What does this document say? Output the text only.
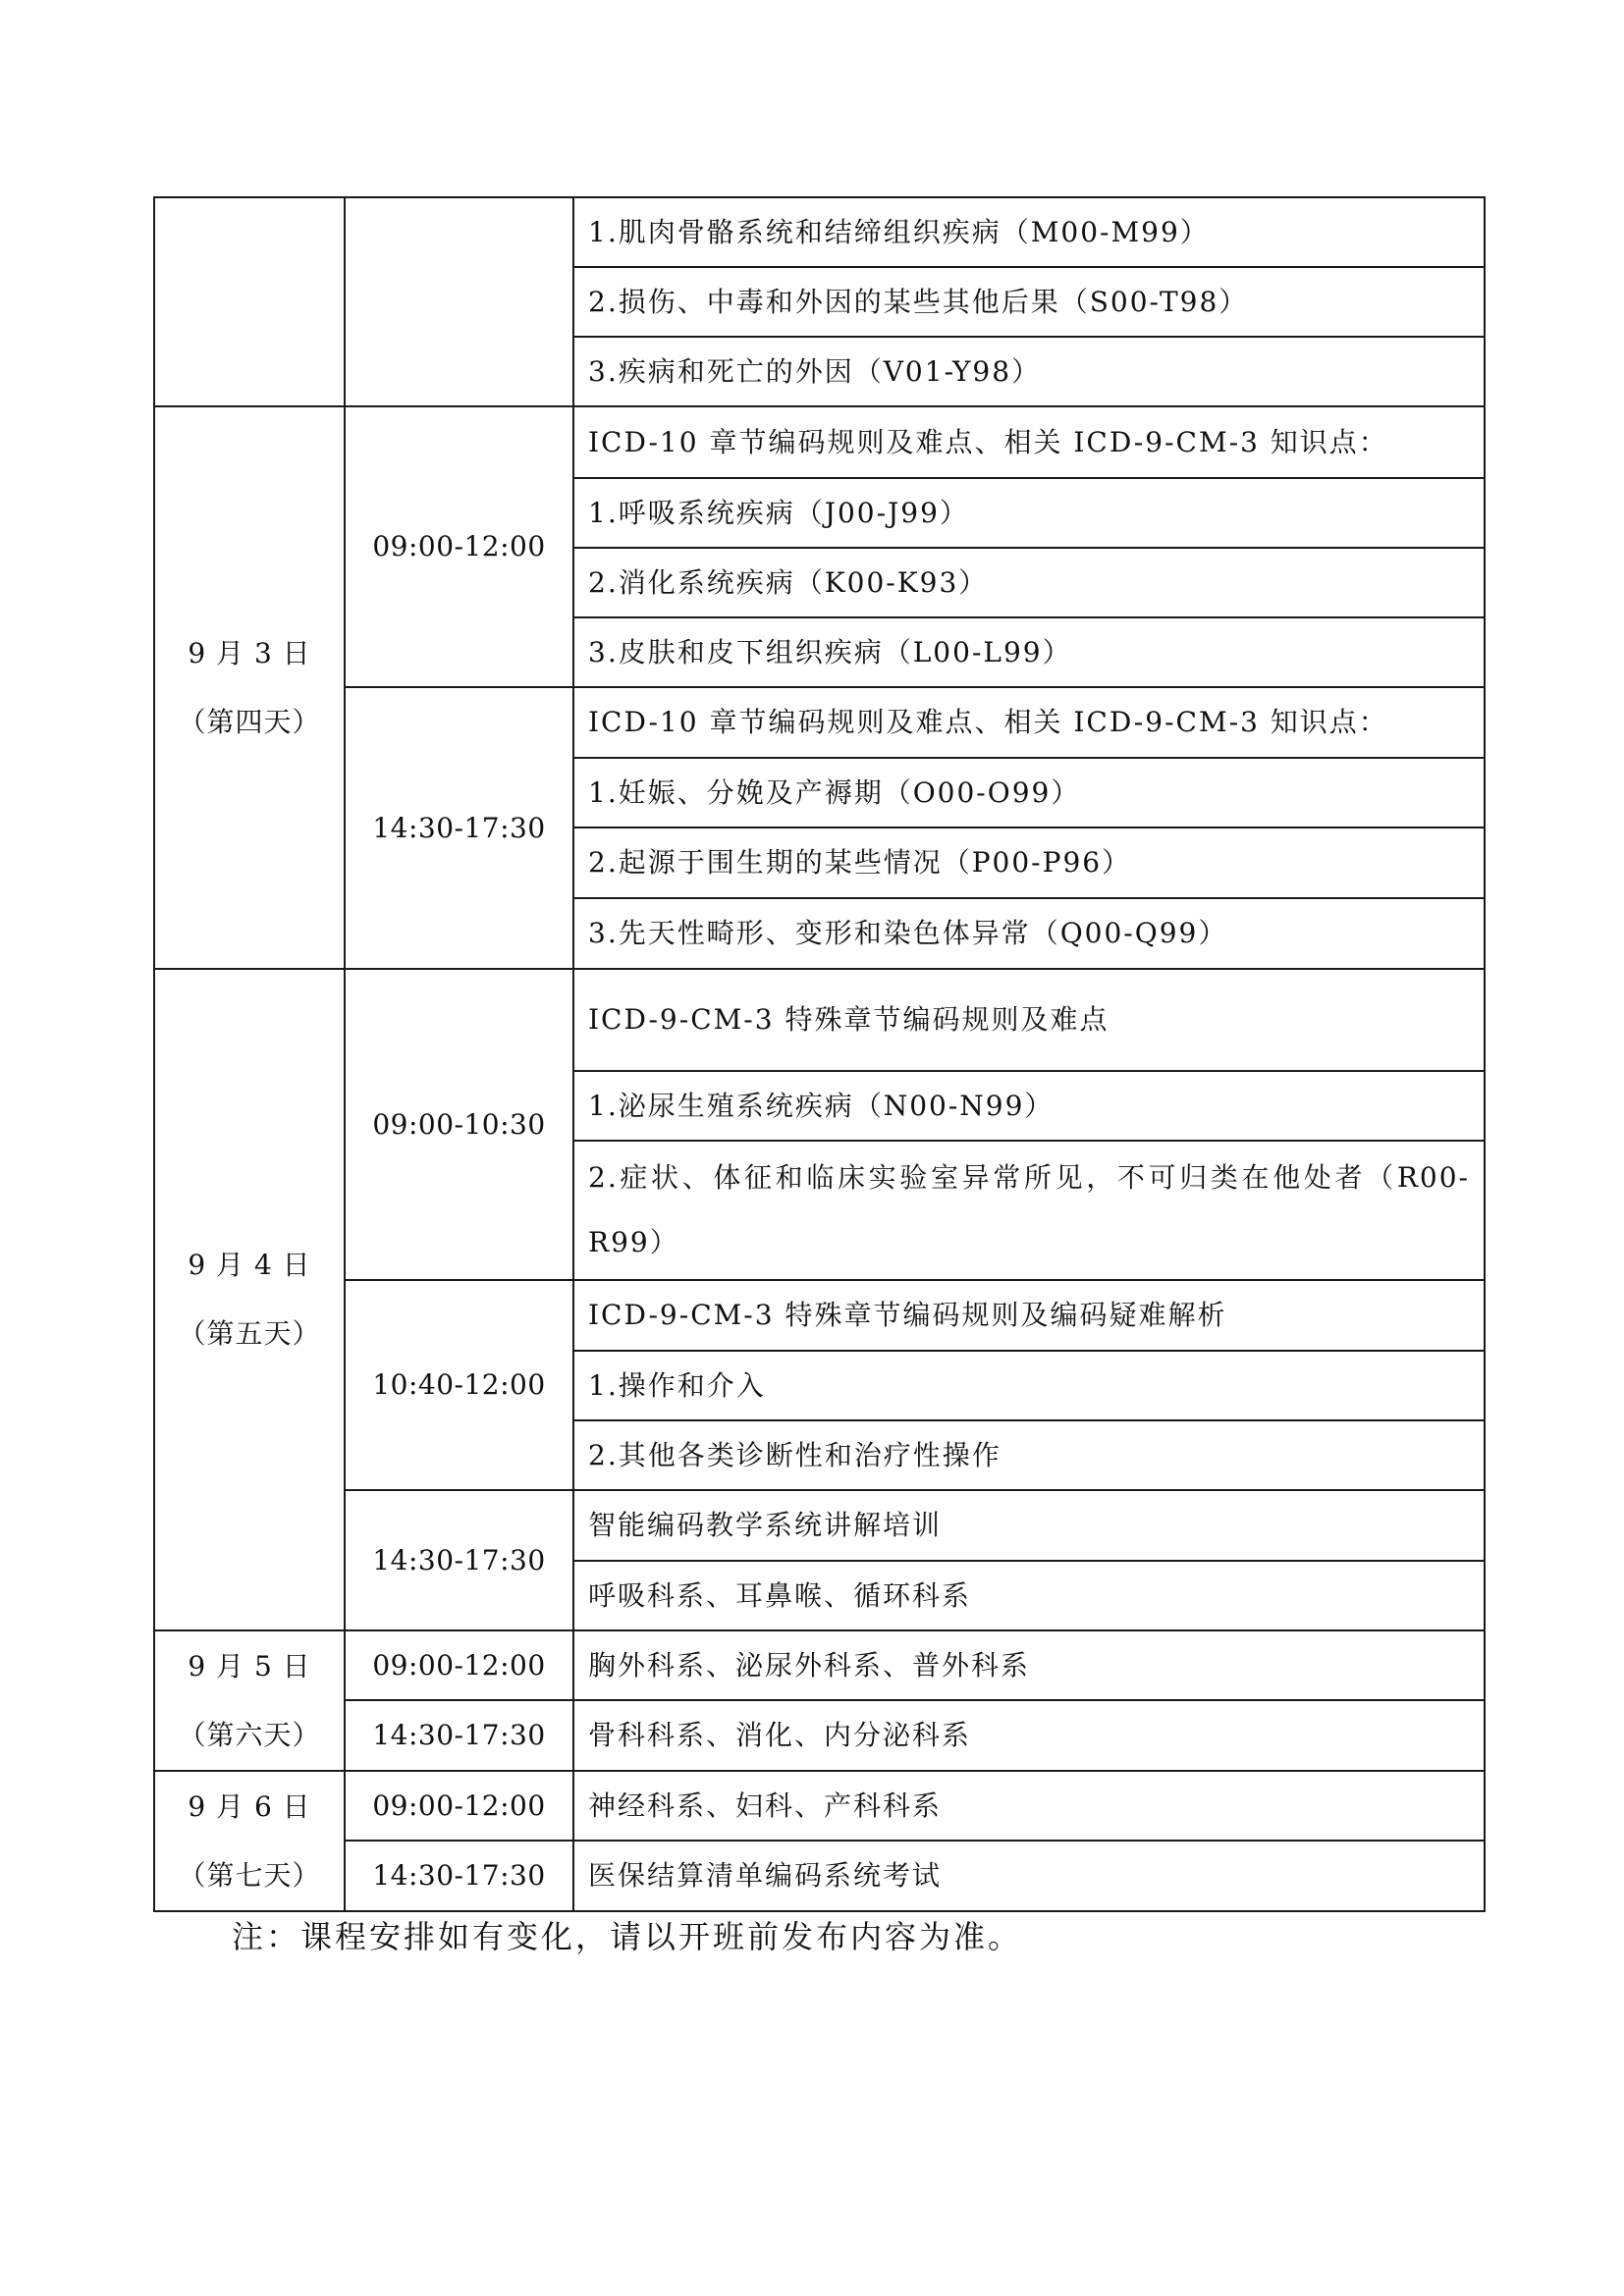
		1.肌肉骨骼系统和结缔组织疾病（M00-M99）
		2.损伤、中毒和外因的某些其他后果（S00-T98）
		3.疾病和死亡的外因（V01-Y98）

9 月 3 日
（第四天）	09:00-12:00	ICD-10 章节编码规则及难点、相关 ICD-9-CM-3 知识点：
		1.呼吸系统疾病（J00-J99）
		2.消化系统疾病（K00-K93）
		3.皮肤和皮下组织疾病（L00-L99）
	14:30-17:30	ICD-10 章节编码规则及难点、相关 ICD-9-CM-3 知识点：
		1.妊娠、分娩及产褥期（O00-O99）
		2.起源于围生期的某些情况（P00-P96）
		3.先天性畸形、变形和染色体异常（Q00-Q99）

9 月 4 日
（第五天）	09:00-10:30	ICD-9-CM-3 特殊章节编码规则及难点
		1.泌尿生殖系统疾病（N00-N99）
		2.症状、体征和临床实验室异常所见，不可归类在他处者（R00-R99）
	10:40-12:00	ICD-9-CM-3 特殊章节编码规则及编码疑难解析
		1.操作和介入
		2.其他各类诊断性和治疗性操作
	14:30-17:30	智能编码教学系统讲解培训
		呼吸科系、耳鼻喉、循环科系

9 月 5 日
（第六天）	09:00-12:00	胸外科系、泌尿外科系、普外科系
	14:30-17:30	骨科科系、消化、内分泌科系

9 月 6 日
（第七天）	09:00-12:00	神经科系、妇科、产科科系
	14:30-17:30	医保结算清单编码系统考试
注：课程安排如有变化，请以开班前发布内容为准。
